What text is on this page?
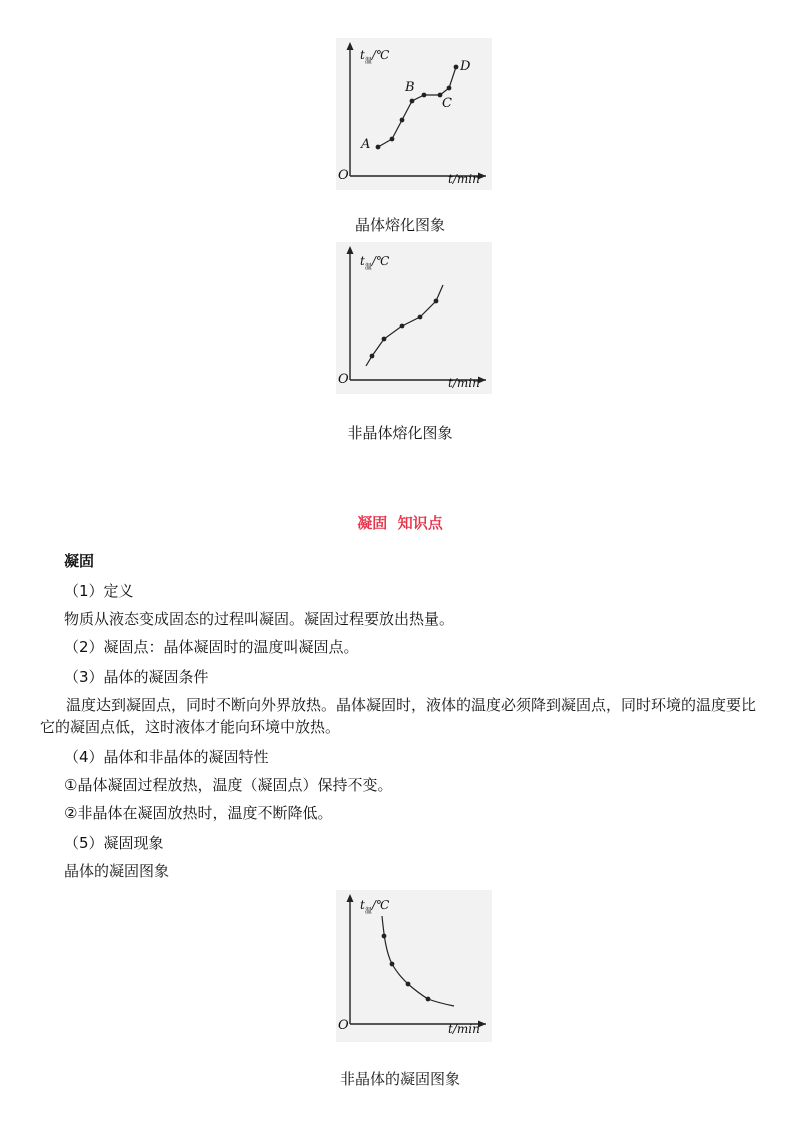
$t_温/℃$
A
B
C
D
O	t/min
晶体熔化图象
$t_温/℃$
O	t/min
非晶体熔化图象
凝固  知识点
凝固
（1）定义
物质从液态变成固态的过程叫凝固。凝固过程要放出热量。
（2）凝固点：晶体凝固时的温度叫凝固点。
（3）晶体的凝固条件
温度达到凝固点，同时不断向外界放热。晶体凝固时，液体的温度必须降到凝固点，同时环境的温度要比它的凝固点低，这时液体才能向环境中放热。
（4）晶体和非晶体的凝固特性
①晶体凝固过程放热，温度（凝固点）保持不变。
②非晶体在凝固放热时，温度不断降低。
（5）凝固现象
晶体的凝固图象
$t_温/℃$
O	t/min
非晶体的凝固图象
